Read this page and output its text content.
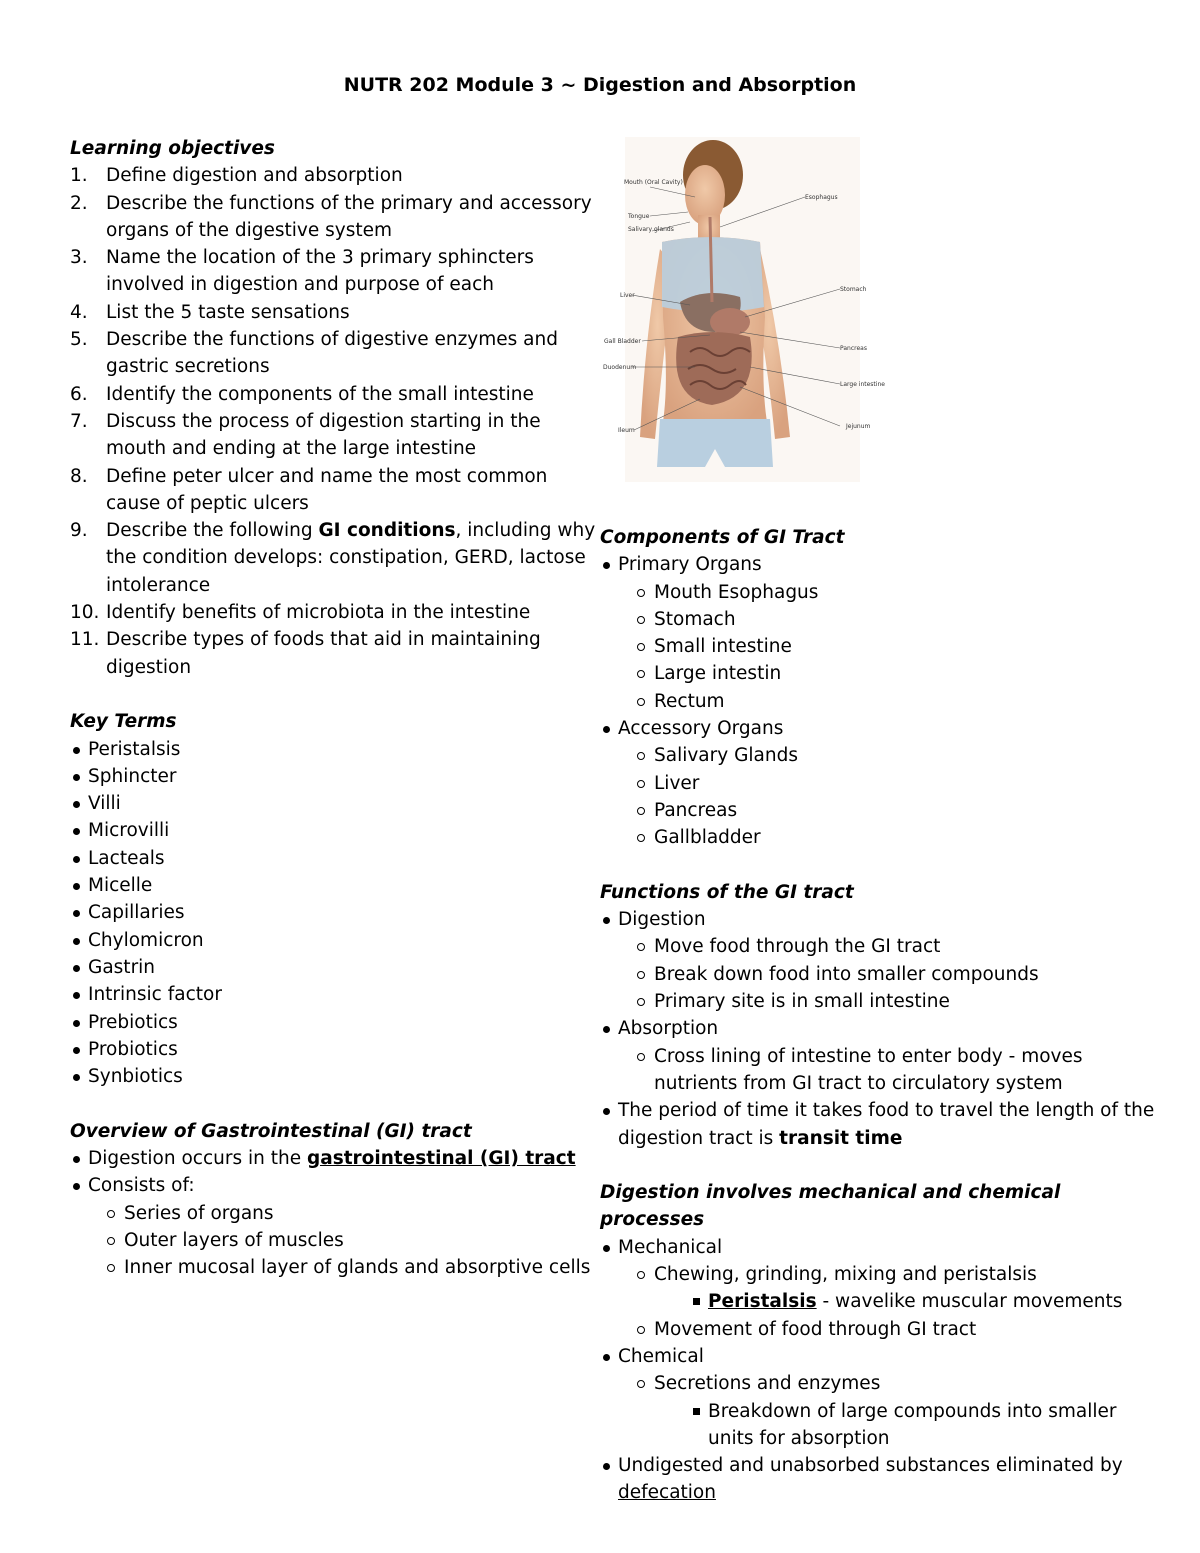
NUTR 202 Module 3 ~ Digestion and Absorption
Learning objectives
1. Define digestion and absorption
2. Describe the functions of the primary and accessory organs of the digestive system
3. Name the location of the 3 primary sphincters involved in digestion and purpose of each
4. List the 5 taste sensations
5. Describe the functions of digestive enzymes and gastric secretions
6. Identify the components of the small intestine
7. Discuss the process of digestion starting in the mouth and ending at the large intestine
8. Define peter ulcer and name the most common cause of peptic ulcers
9. Describe the following GI conditions, including why the condition develops: constipation, GERD, lactose intolerance
10. Identify benefits of microbiota in the intestine
11. Describe types of foods that aid in maintaining digestion
Key Terms
Peristalsis
Sphincter
Villi
Microvilli
Lacteals
Micelle
Capillaries
Chylomicron
Gastrin
Intrinsic factor
Prebiotics
Probiotics
Synbiotics
Overview of Gastrointestinal (GI) tract
Digestion occurs in the gastrointestinal (GI) tract
Consists of:
Series of organs
Outer layers of muscles
Inner mucosal layer of glands and absorptive cells
Mouth (Oral Cavity)
Tongue
Salivary glands
Liver
Gall Bladder
Duodenum
Ileum
Esophagus
Stomach
Pancreas
Large intestine
Jejunum
Components of GI Tract
Primary Organs
Mouth Esophagus
Stomach
Small intestine
Large intestin
Rectum
Accessory Organs
Salivary Glands
Liver
Pancreas
Gallbladder
Functions of the GI tract
Digestion
Move food through the GI tract
Break down food into smaller compounds
Primary site is in small intestine
Absorption
Cross lining of intestine to enter body - moves nutrients from GI tract to circulatory system
The period of time it takes food to travel the length of the digestion tract is transit time
Digestion involves mechanical and chemical processes
Mechanical
Chewing, grinding, mixing and peristalsis
Peristalsis - wavelike muscular movements
Movement of food through GI tract
Chemical
Secretions and enzymes
Breakdown of large compounds into smaller units for absorption
Undigested and unabsorbed substances eliminated by defecation
